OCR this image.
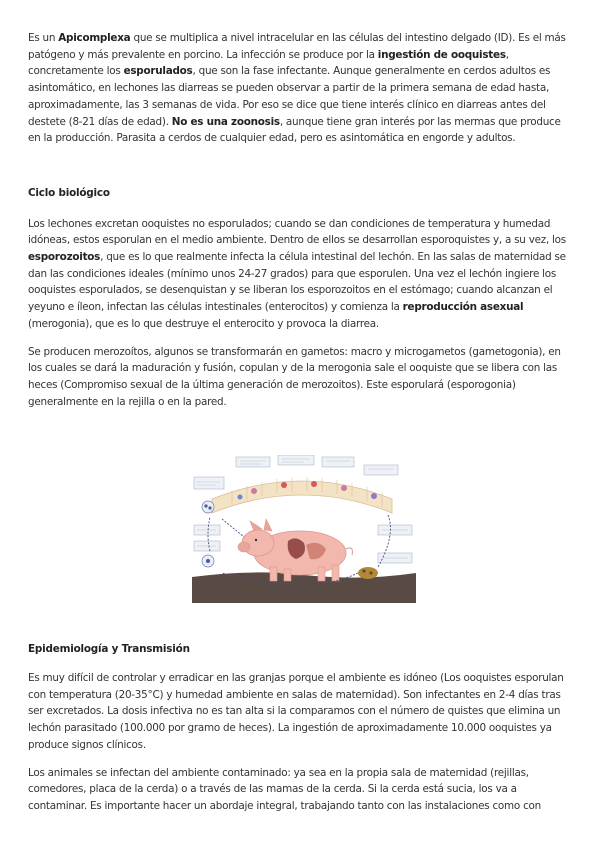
Es un Apicomplexa que se multiplica a nivel intracelular en las células del intestino delgado (ID). Es el más patógeno y más prevalente en porcino. La infección se produce por la ingestión de ooquistes, concretamente los esporulados, que son la fase infectante. Aunque generalmente en cerdos adultos es asintomático, en lechones las diarreas se pueden observar a partir de la primera semana de edad hasta, aproximadamente, las 3 semanas de vida. Por eso se dice que tiene interés clínico en diarreas antes del destete (8-21 días de edad). No es una zoonosis, aunque tiene gran interés por las mermas que produce en la producción. Parasita a cerdos de cualquier edad, pero es asintomática en engorde y adultos.

Ciclo biológico

Los lechones excretan ooquistes no esporulados; cuando se dan condiciones de temperatura y humedad idóneas, estos esporulan en el medio ambiente. Dentro de ellos se desarrollan esporoquistes y, a su vez, los esporozoitos, que es lo que realmente infecta la célula intestinal del lechón. En las salas de maternidad se dan las condiciones ideales (mínimo unos 24-27 grados) para que esporulen. Una vez el lechón ingiere los ooquistes esporulados, se desenquistan y se liberan los esporozoitos en el estómago; cuando alcanzan el yeyuno e íleon, infectan las células intestinales (enterocitos) y comienza la reproducción asexual (merogonia), que es lo que destruye el enterocito y provoca la diarrea.

Se producen merozoítos, algunos se transformarán en gametos: macro y microgametos (gametogonia), en los cuales se dará la maduración y fusión, copulan y de la merogonia sale el ooquiste que se libera con las heces (Compromiso sexual de la última generación de merozoitos). Este esporulará (esporogonia) generalmente en la rejilla o en la pared.

Epidemiología y Transmisión

Es muy difícil de controlar y erradicar en las granjas porque el ambiente es idóneo (Los ooquistes esporulan con temperatura (20-35°C) y humedad ambiente en salas de maternidad). Son infectantes en 2-4 días tras ser excretados. La dosis infectiva no es tan alta si la comparamos con el número de quistes que elimina un lechón parasitado (100.000 por gramo de heces). La ingestión de aproximadamente 10.000 ooquistes ya produce signos clínicos.

Los animales se infectan del ambiente contaminado: ya sea en la propia sala de maternidad (rejillas, comedores, placa de la cerda) o a través de las mamas de la cerda. Si la cerda está sucia, los va a contaminar. Es importante hacer un abordaje integral, trabajando tanto con las instalaciones como con
